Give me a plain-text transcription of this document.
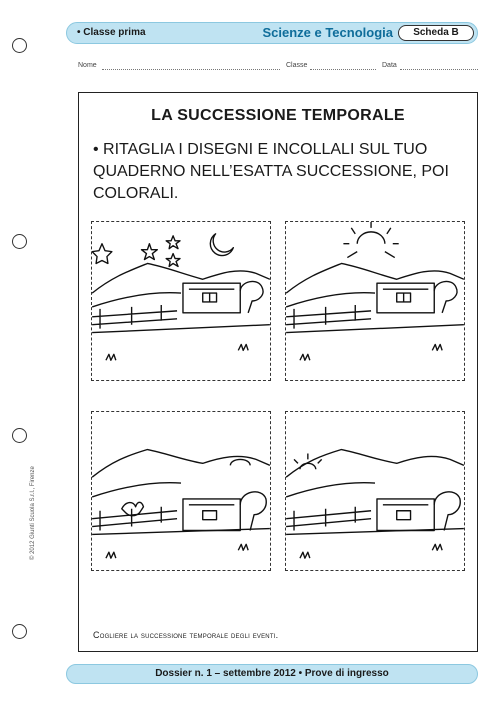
• Classe prima	Scienze e Tecnologia	Scheda B
Nome	Classe	Data
LA SUCCESSIONE TEMPORALE
• RITAGLIA I DISEGNI E INCOLLALI SUL TUO QUADERNO NELL’ESATTA SUCCESSIONE, POI COLORALI.
Cogliere la successione temporale degli eventi.
© 2012 Giunti Scuola S.r.l., Firenze
Dossier n. 1 – settembre 2012 • Prove di ingresso
